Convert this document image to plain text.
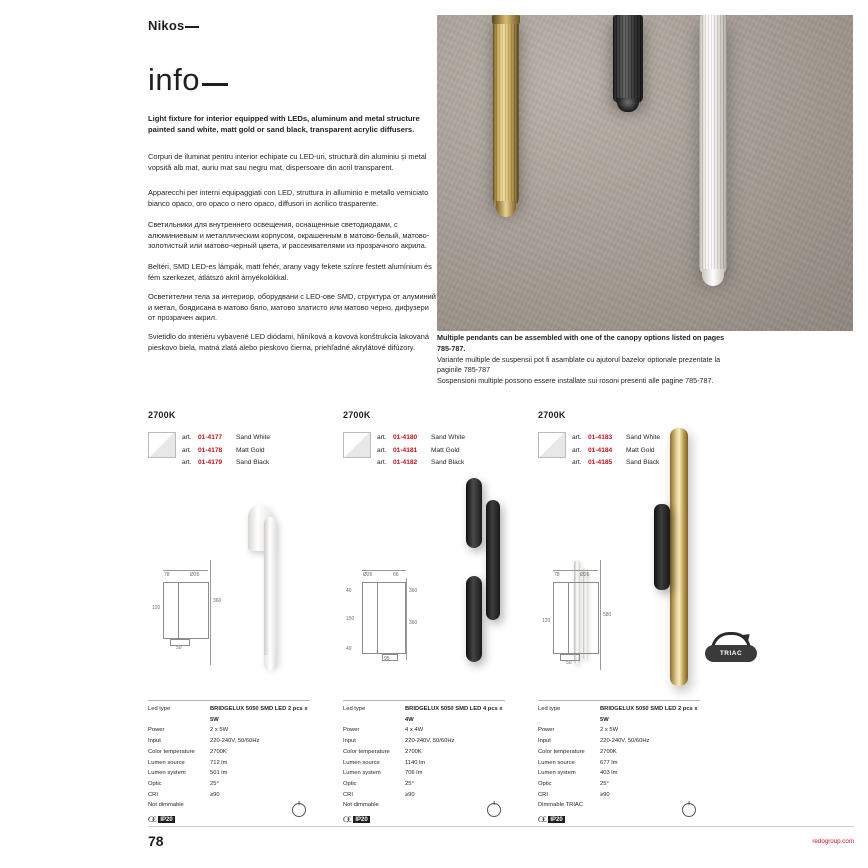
Nikos
info
Light fixture for interior equipped with LEDs, aluminum and metal structure painted sand white, matt gold or sand black, transparent acrylic diffusers.
Corpuri de iluminat pentru interior echipate cu LED-uri, structură din aluminiu și metal vopsită alb mat, auriu mat sau negru mat, dispersoare din acril transparent.
Apparecchi per interni equipaggiati con LED, struttura in alluminio e metallo verniciato bianco opaco, oro opaco o nero opaco, diffusori in acrilico trasparente.
Светильники для внутреннего освещения, оснащенные светодиодами, с алюминиевым и металлическим корпусом, окрашенным в матово-белый, матово-золотистый или матово-черный цвета, и рассеивателями из прозрачного акрила.
Beltéri, SMD LED-es lámpák, matt fehér, arany vagy fekete színre festett alumínium és fém szerkezet, átlátszó akril árnyékolókkal.
Осветителни тела за интериор, оборудвани с LED-ове SMD, структура от алуминий и метал, боядисана в матово бяло, матово златисто или матово черно, дифузери от прозрачен акрил.
Svietidlo do interiéru vybavené LED diódami, hliníková a kovová konštrukcia lakovaná pieskovo biela, matná zlatá alebo pieskovo čierna, priehľadné akrylátové difúzory.
Multiple pendants can be assembled with one of the canopy options listed on pages 785-787.
Variante multiple de suspensii pot fi asamblate cu ajutorul bazelor optionale prezentate la paginile 785-787
Sospensioni multiple possono essere installate sui rosoni presenti alle pagine 785-787.
2700K
art. 01-4177	Sand White
art. 01-4178	Matt Gold
art. 01-4179	Sand Black
78	Ø26
120
50
360
2700K
art. 01-4180	Sand White
art. 01-4181	Matt Gold
art. 01-4182	Sand Black
Ø26	66
40
150
40
95
360
360
2700K
art. 01-4183	Sand White
art. 01-4184	Matt Gold
art. 01-4185	Sand Black
78	Ø26
120
50
580
TRIAC
Led type	BRIDGELUX 5050 SMD LED 2 pcs x 5W
Power	2 x 5W
Input	220-240V, 50/60Hz
Color temperature	2700K
Lumen source	712 lm
Lumen system	501 lm
Optic	25°
CRI	≥90
Not dimmable
C€ IP20
Led type	BRIDGELUX 5050 SMD LED 4 pcs x 4W
Power	4 x 4W
Input	220-240V, 50/60Hz
Color temperature	2700K
Lumen source	1140 lm
Lumen system	706 lm
Optic	25°
CRI	≥90
Not dimmable
C€ IP20
Led type	BRIDGELUX 5050 SMD LED 2 pcs x 5W
Power	2 x 5W
Input	220-240V, 50/60Hz
Color temperature	2700K
Lumen source	677 lm
Lumen system	403 lm
Optic	25°
CRI	≥90
Dimmable TRIAC
C€ IP20
78	redogroup.com
